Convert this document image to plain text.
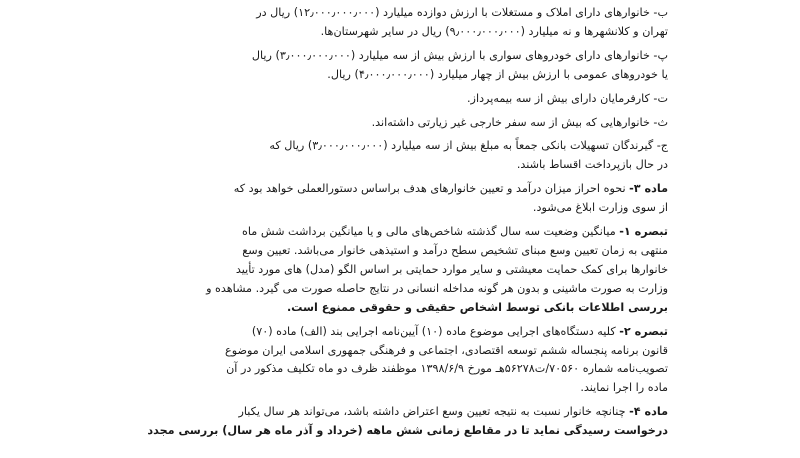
ب- خانوارهای دارای املاک و مستغلات با ارزش دوازده میلیارد (۱۲٫۰۰۰٫۰۰۰٫۰۰۰) ریال در
تهران و کلانشهرها و نه میلیارد (۹٫۰۰۰٫۰۰۰٫۰۰۰) ریال در سایر شهرستان‌ها.
پ- خانوارهای دارای خودروهای سواری با ارزش بیش از سه میلیارد (۳٫۰۰۰٫۰۰۰٫۰۰۰) ریال
یا خودروهای عمومی با ارزش بیش از چهار میلیارد (۴٫۰۰۰٫۰۰۰٫۰۰۰) ریال.
ت- کارفرمایان دارای بیش از سه بیمه‌پرداز.
ث- خانوارهایی که بیش از سه سفر خارجی غیر زیارتی داشته‌اند.
ج- گیرندگان تسهیلات بانکی جمعاً به مبلغ بیش از سه میلیارد (۳٫۰۰۰٫۰۰۰٫۰۰۰) ریال که
در حال بازپرداخت اقساط باشند.
ماده ۳- نحوه احراز میزان درآمد و تعیین خانوارهای هدف براساس دستورالعملی خواهد بود که
از سوی وزارت ابلاغ می‌شود.
تبصره ۱- میانگین وضعیت سه سال گذشته شاخص‌های مالی و یا میانگین برداشت شش ماه
منتهی به زمان تعیین وسع مبنای تشخیص سطح درآمد و استیذهی خانوار می‌باشد. تعیین وسع
خانوارها برای کمک حمایت معیشتی و سایر موارد حمایتی بر اساس الگو (مدل) های مورد تأیید
وزارت به صورت ماشینی و بدون هر گونه مداخله انسانی در نتایج حاصله صورت می گیرد. مشاهده و
بررسی اطلاعات بانکی توسط اشخاص حقیقی و حقوقی ممنوع است.
تبصره ۲- کلیه دستگاه‌های اجرایی موضوع ماده (۱۰) آیین‌نامه اجرایی بند (الف) ماده (۷۰)
قانون برنامه پنجساله ششم توسعه اقتصادی، اجتماعی و فرهنگی جمهوری اسلامی ایران موضوع
تصویب‌نامه شماره ۷۰۵۶۰/ت۵۶۲۷۸هـ مورخ ۱۳۹۸/۶/۹ موظفند ظرف دو ماه تکلیف مذکور در آن
ماده را اجرا نمایند.
ماده ۴- چنانچه خانوار نسبت به نتیجه تعیین وسع اعتراض داشته باشد، می‌تواند هر سال یکبار
درخواست رسیدگی نماید تا در مقاطع زمانی شش ماهه (خرداد و آذر ماه هر سال) بررسی مجدد
